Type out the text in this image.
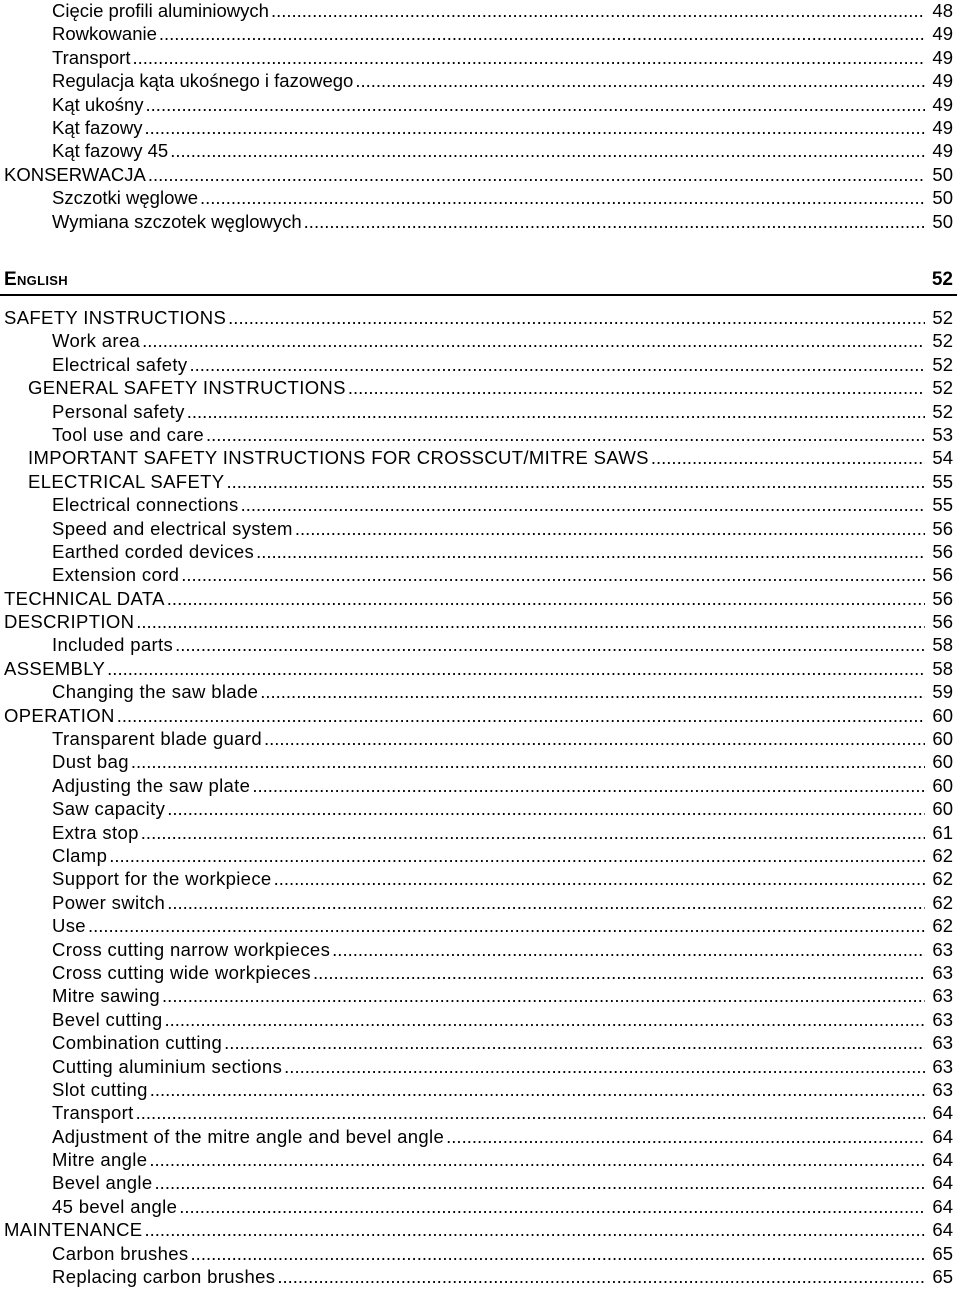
Cięcie profili aluminiowych .....	48
Rowkowanie .....	49
Transport .....	49
Regulacja kąta ukośnego i fazowego .....	49
Kąt ukośny .....	49
Kąt fazowy .....	49
Kąt fazowy 45 .....	49
KONSERWACJA .....	50
Szczotki węglowe .....	50
Wymiana szczotek węglowych .....	50
English	52
SAFETY INSTRUCTIONS .....	52
Work area .....	52
Electrical safety .....	52
GENERAL SAFETY INSTRUCTIONS .....	52
Personal safety .....	52
Tool use and care .....	53
IMPORTANT SAFETY INSTRUCTIONS FOR CROSSCUT/MITRE SAWS .....	54
ELECTRICAL SAFETY .....	55
Electrical connections .....	55
Speed and electrical system .....	56
Earthed corded devices .....	56
Extension cord .....	56
TECHNICAL DATA .....	56
DESCRIPTION .....	56
Included parts .....	58
ASSEMBLY .....	58
Changing the saw blade .....	59
OPERATION .....	60
Transparent blade guard .....	60
Dust bag .....	60
Adjusting the saw plate .....	60
Saw capacity .....	60
Extra stop .....	61
Clamp .....	62
Support for the workpiece .....	62
Power switch .....	62
Use .....	62
Cross cutting narrow workpieces .....	63
Cross cutting wide workpieces .....	63
Mitre sawing .....	63
Bevel cutting .....	63
Combination cutting .....	63
Cutting aluminium sections .....	63
Slot cutting .....	63
Transport .....	64
Adjustment of the mitre angle and bevel angle .....	64
Mitre angle .....	64
Bevel angle .....	64
45 bevel angle .....	64
MAINTENANCE .....	64
Carbon brushes .....	65
Replacing carbon brushes .....	65
